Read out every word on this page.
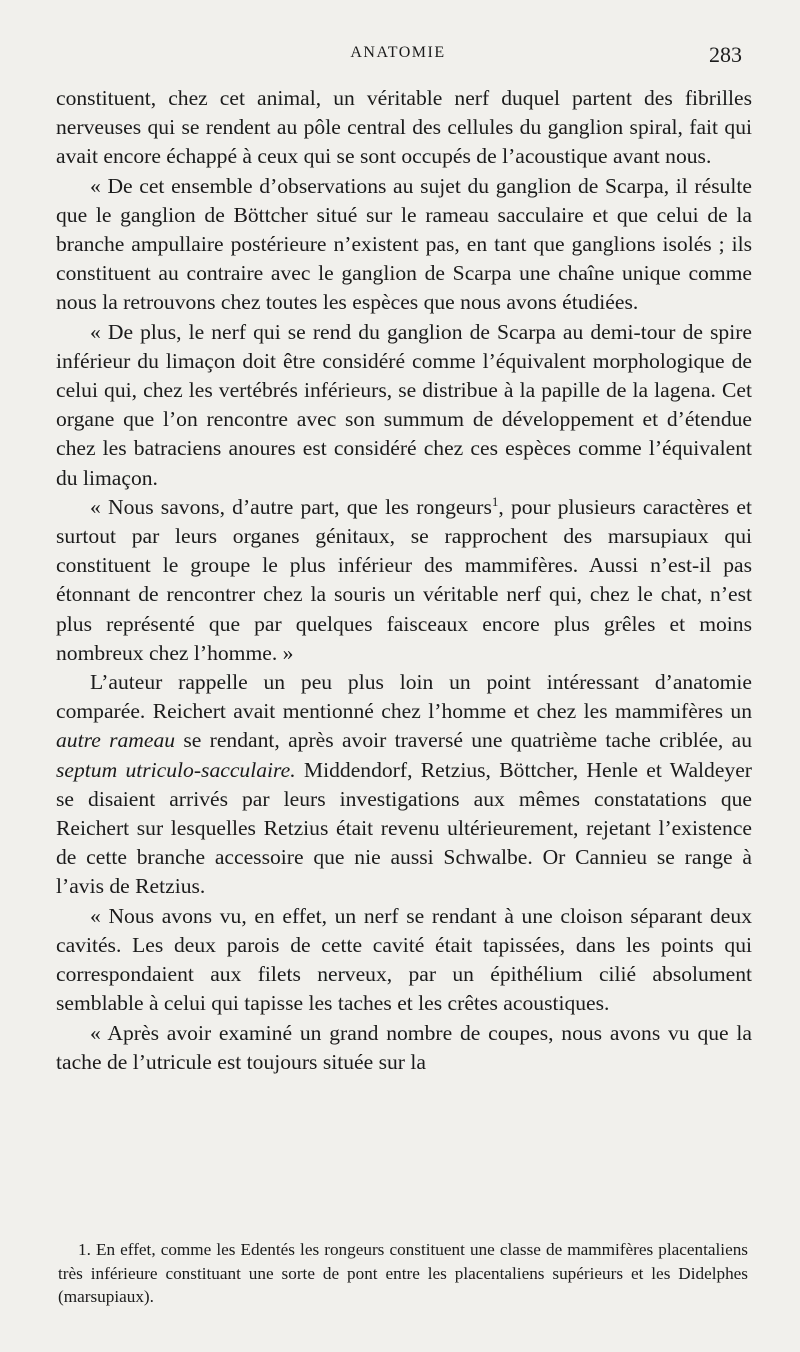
ANATOMIE	283

constituent, chez cet animal, un véritable nerf duquel partent des fibrilles nerveuses qui se rendent au pôle central des cellules du ganglion spiral, fait qui avait encore échappé à ceux qui se sont occupés de l’acoustique avant nous.

« De cet ensemble d’observations au sujet du ganglion de Scarpa, il résulte que le ganglion de Böttcher situé sur le rameau sacculaire et que celui de la branche ampullaire postérieure n’existent pas, en tant que ganglions isolés ; ils constituent au contraire avec le ganglion de Scarpa une chaîne unique comme nous la retrouvons chez toutes les espèces que nous avons étudiées.

« De plus, le nerf qui se rend du ganglion de Scarpa au demi-tour de spire inférieur du limaçon doit être considéré comme l’équivalent morphologique de celui qui, chez les vertébrés inférieurs, se distribue à la papille de la lagena. Cet organe que l’on rencontre avec son summum de développement et d’étendue chez les batraciens anoures est considéré chez ces espèces comme l’équivalent du limaçon.

« Nous savons, d’autre part, que les rongeurs$^1$, pour plusieurs caractères et surtout par leurs organes génitaux, se rapprochent des marsupiaux qui constituent le groupe le plus inférieur des mammifères. Aussi n’est-il pas étonnant de rencontrer chez la souris un véritable nerf qui, chez le chat, n’est plus représenté que par quelques faisceaux encore plus grêles et moins nombreux chez l’homme. »

L’auteur rappelle un peu plus loin un point intéressant d’anatomie comparée. Reichert avait mentionné chez l’homme et chez les mammifères un autre rameau se rendant, après avoir traversé une quatrième tache criblée, au septum utriculo-sacculaire. Middendorf, Retzius, Böttcher, Henle et Waldeyer se disaient arrivés par leurs investigations aux mêmes constatations que Reichert sur lesquelles Retzius était revenu ultérieurement, rejetant l’existence de cette branche accessoire que nie aussi Schwalbe. Or Cannieu se range à l’avis de Retzius.

« Nous avons vu, en effet, un nerf se rendant à une cloison séparant deux cavités. Les deux parois de cette cavité était tapissées, dans les points qui correspondaient aux filets nerveux, par un épithélium cilié absolument semblable à celui qui tapisse les taches et les crêtes acoustiques.

« Après avoir examiné un grand nombre de coupes, nous avons vu que la tache de l’utricule est toujours située sur la

1. En effet, comme les Edentés les rongeurs constituent une classe de mammifères placentaliens très inférieure constituant une sorte de pont entre les placentaliens supérieurs et les Didelphes (marsupiaux).
